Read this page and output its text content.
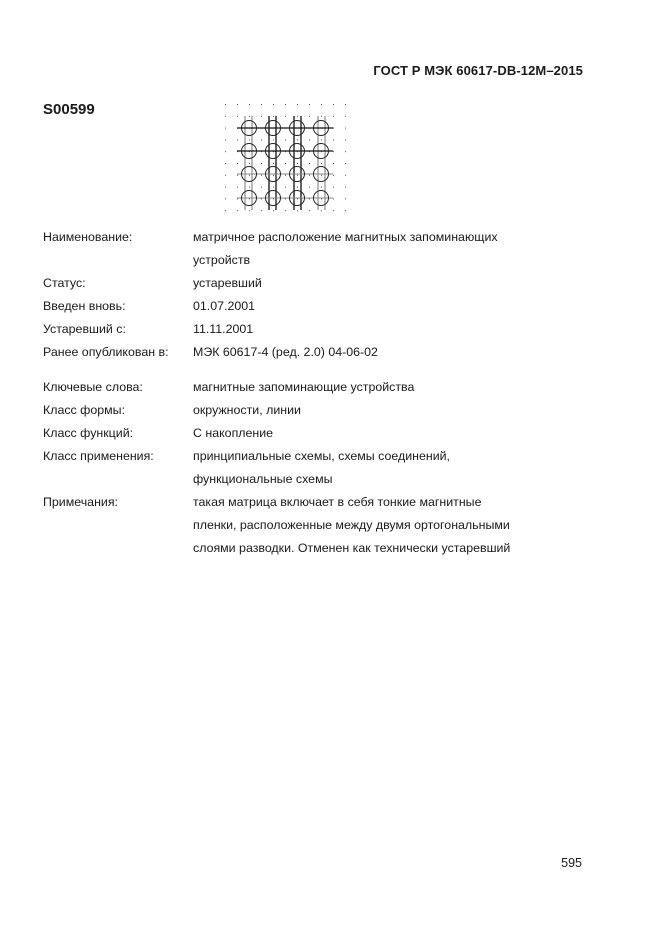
ГОСТ Р МЭК 60617-DB-12M–2015
S00599
Наименование:	матричное расположение магнитных запоминающих
устройств
Статус:	устаревший
Введен вновь:	01.07.2001
Устаревший с:	11.11.2001
Ранее опубликован в:	МЭК 60617-4 (ред. 2.0) 04-06-02
Ключевые слова:	магнитные запоминающие устройства
Класс формы:	окружности, линии
Класс функций:	С накопление
Класс применения:	принципиальные схемы, схемы соединений,
функциональные схемы
Примечания:	такая матрица включает в себя тонкие магнитные
пленки, расположенные между двумя ортогональными
слоями разводки. Отменен как технически устаревший
595
